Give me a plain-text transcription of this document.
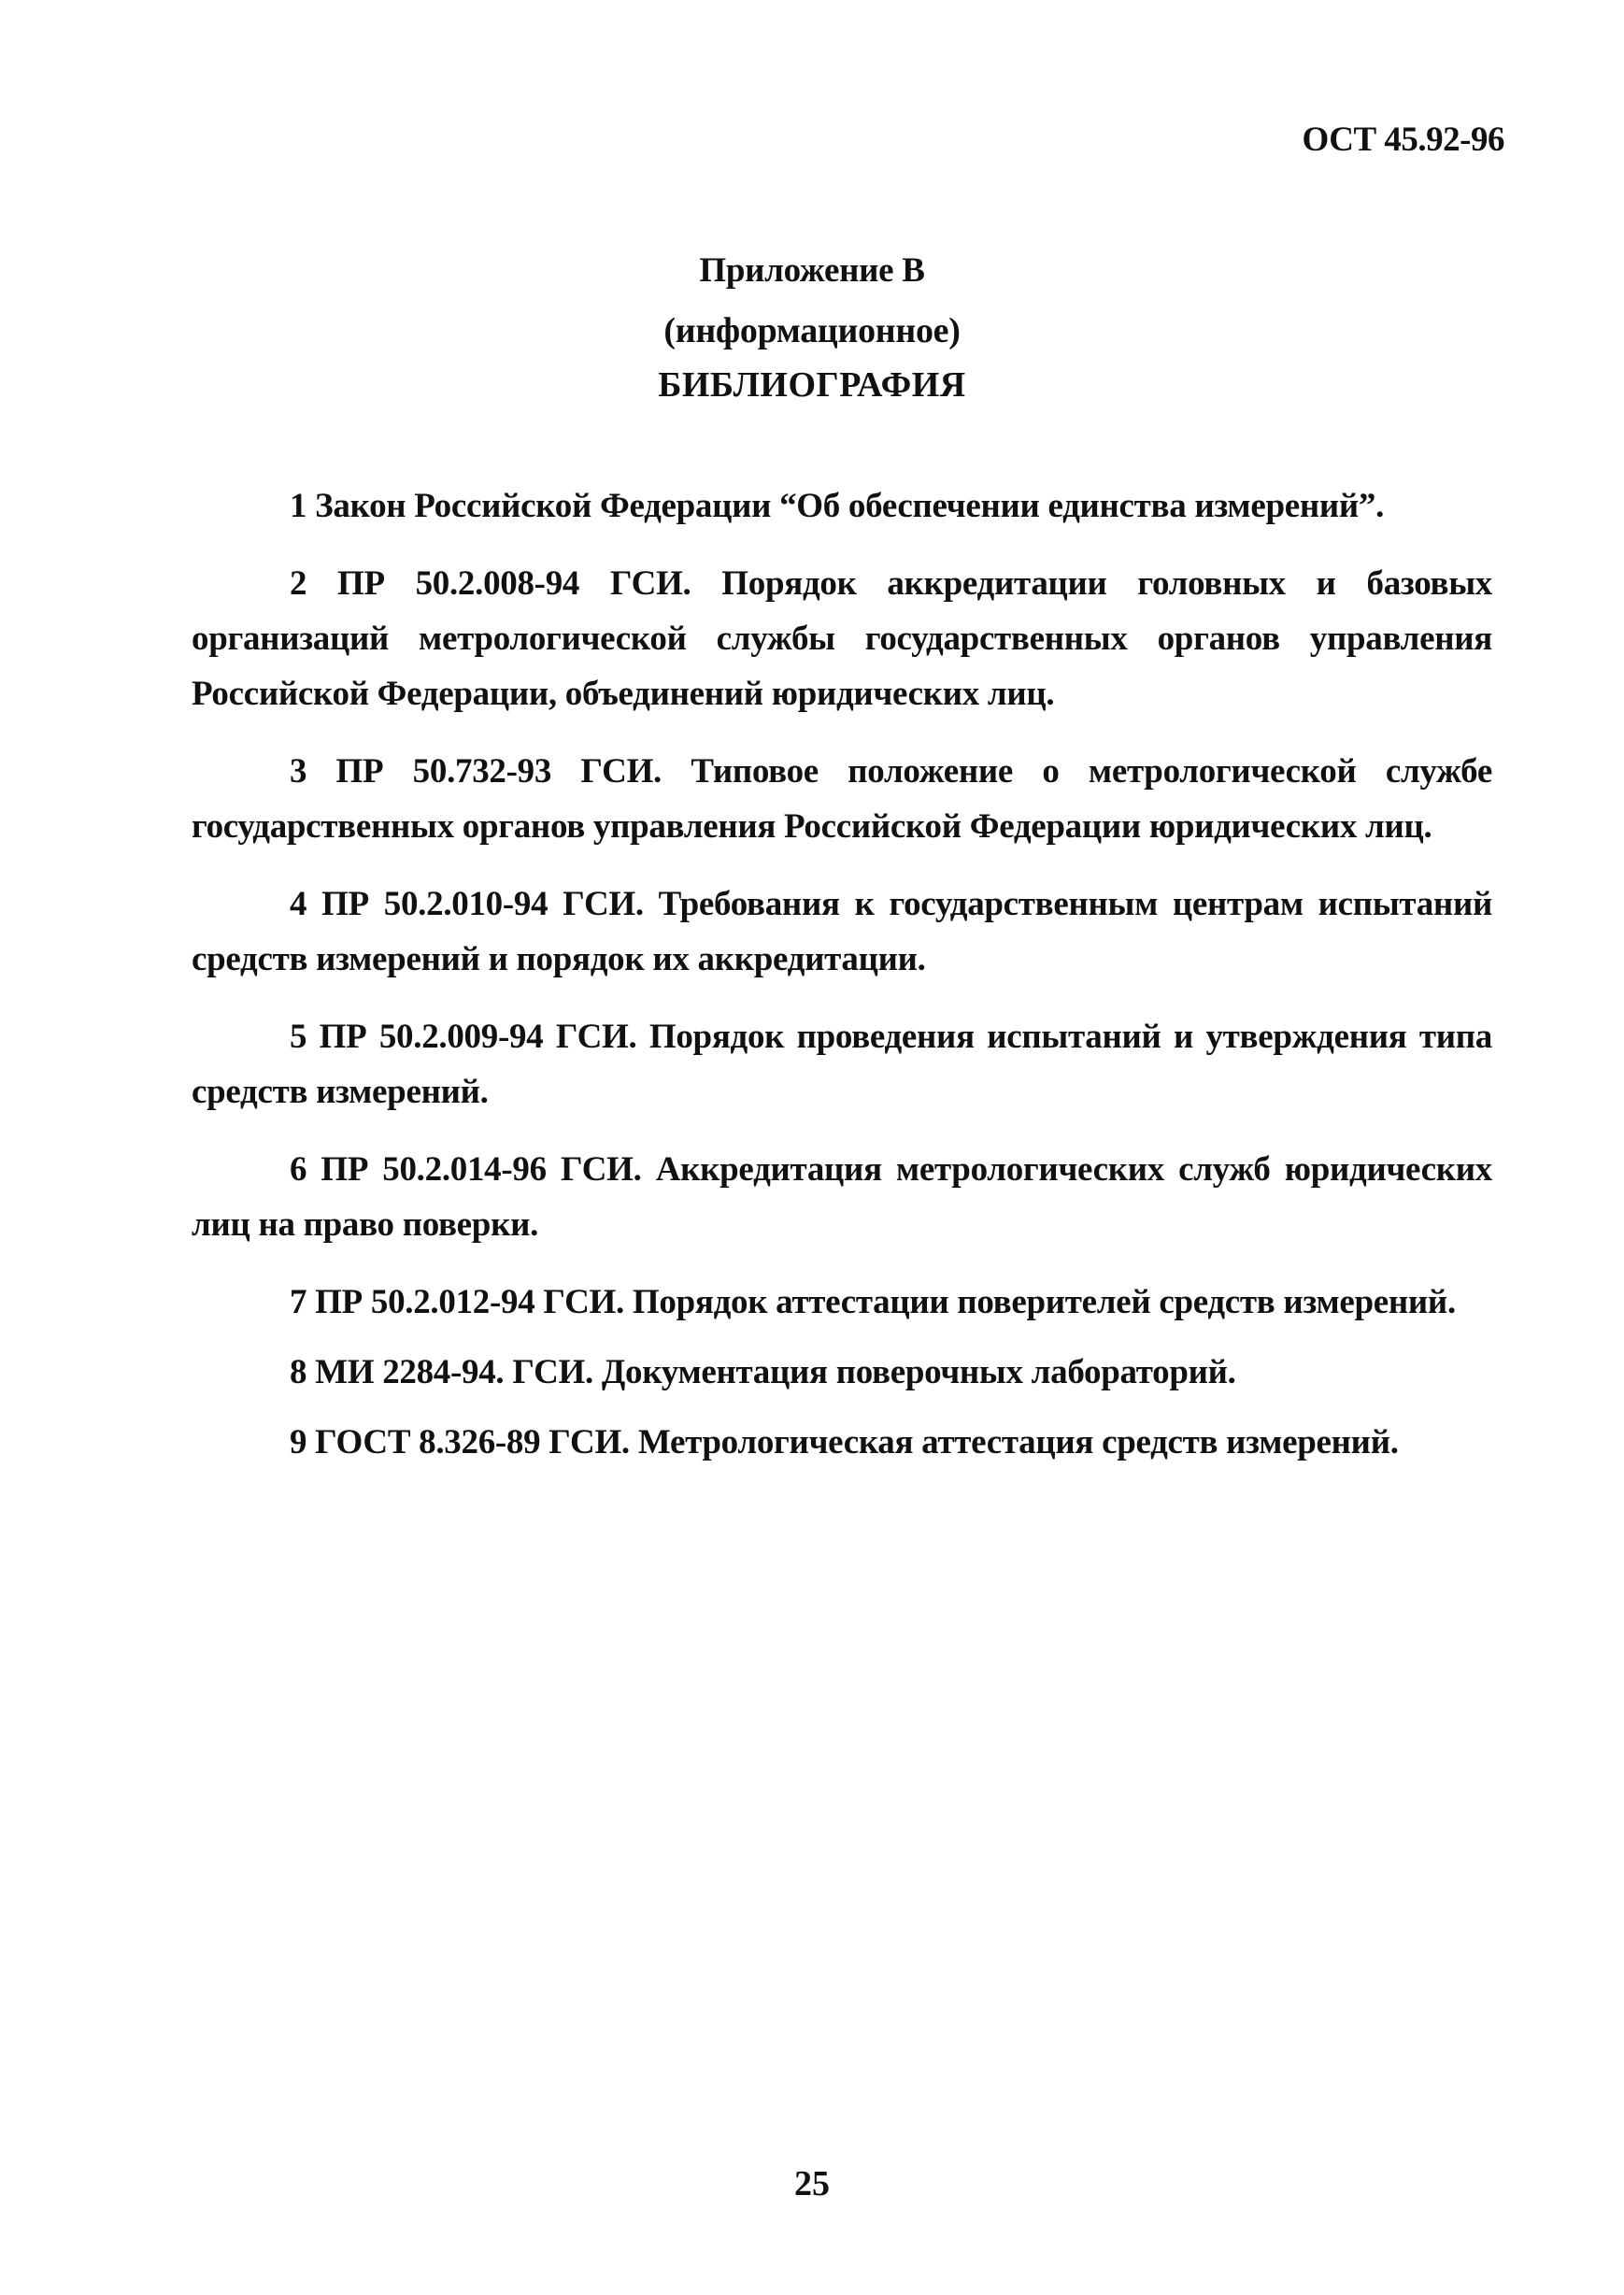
ОСТ 45.92-96
Приложение В
(информационное)
БИБЛИОГРАФИЯ

1 Закон Российской Федерации “Об обеспечении единства измерений”.

2 ПР 50.2.008-94 ГСИ. Порядок аккредитации головных и базовых организаций метрологической службы государственных органов управления Российской Федерации, объединений юридических лиц.

3 ПР 50.732-93 ГСИ. Типовое положение о метрологической службе государственных органов управления Российской Федерации юридических лиц.

4 ПР 50.2.010-94 ГСИ. Требования к государственным центрам испытаний средств измерений и порядок их аккредитации.

5 ПР 50.2.009-94 ГСИ. Порядок проведения испытаний и утверждения типа средств измерений.

6 ПР 50.2.014-96 ГСИ. Аккредитация метрологических служб юридических лиц на право поверки.

7 ПР 50.2.012-94 ГСИ. Порядок аттестации поверителей средств измерений.

8 МИ 2284-94. ГСИ. Документация поверочных лабораторий.

9 ГОСТ 8.326-89 ГСИ. Метрологическая аттестация средств измерений.

25
